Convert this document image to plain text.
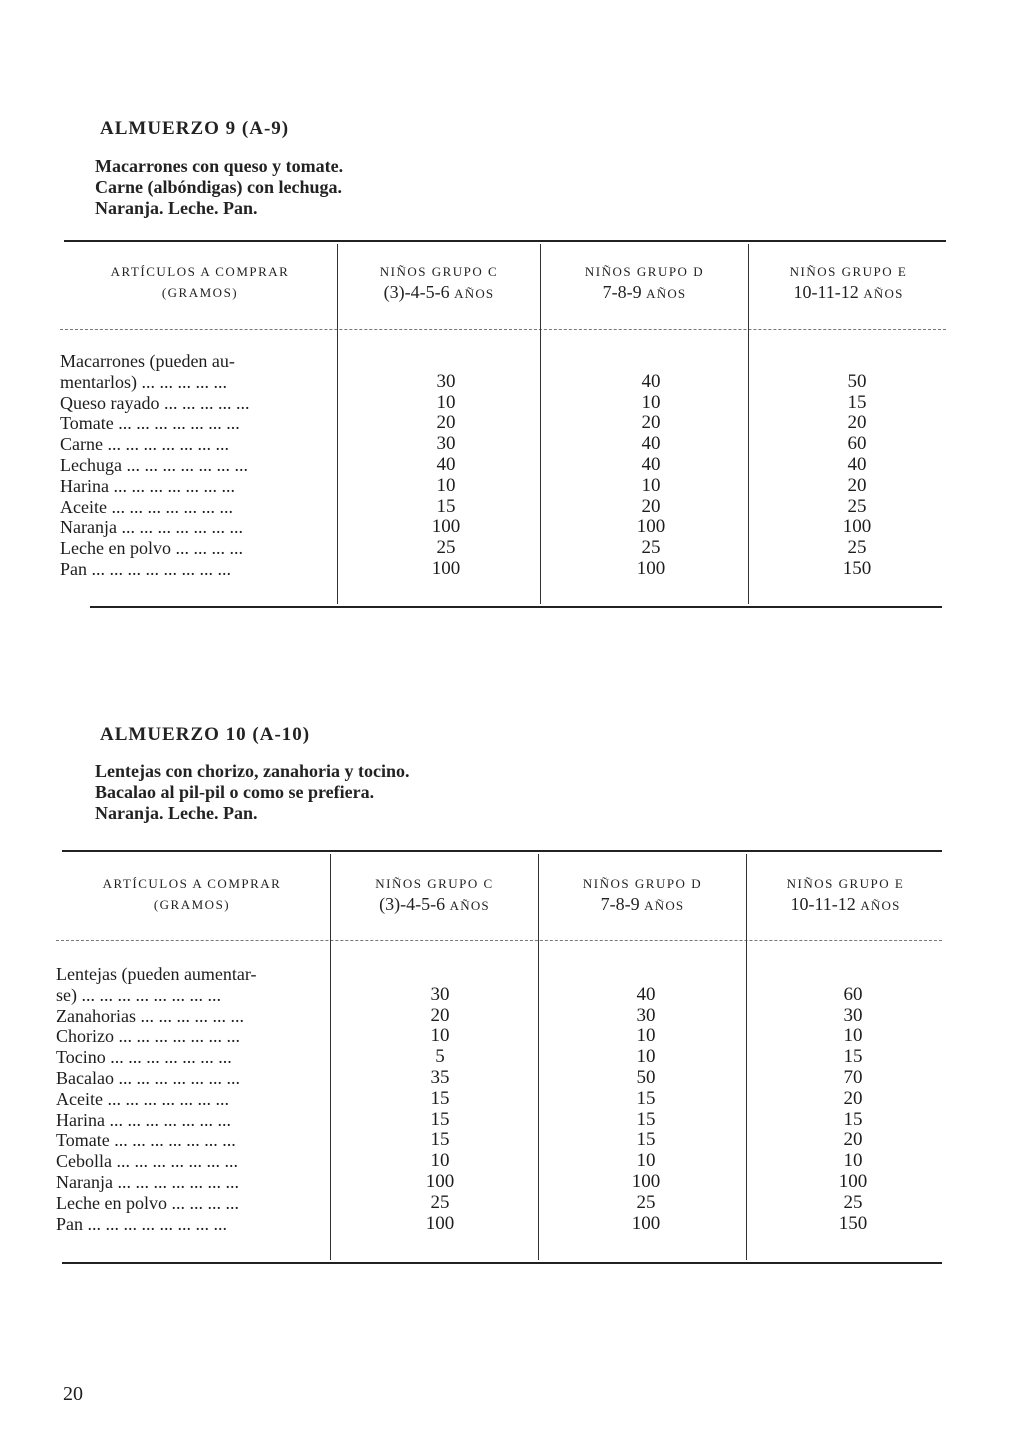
ALMUERZO 9 (A-9)
Macarrones con queso y tomate.
Carne (albóndigas) con lechuga.
Naranja. Leche. Pan.
ARTÍCULOS A COMPRAR
(GRAMOS)
NIÑOS GRUPO C
(3)-4-5-6 AÑOS
NIÑOS GRUPO D
7-8-9 AÑOS
NIÑOS GRUPO E
10-11-12 AÑOS
Macarrones (pueden au-
mentarlos) ... ... ... ... ...
Queso rayado ... ... ... ... ...
Tomate ... ... ... ... ... ... ...
Carne ... ... ... ... ... ... ...
Lechuga ... ... ... ... ... ... ...
Harina ... ... ... ... ... ... ...
Aceite ... ... ... ... ... ... ...
Naranja ... ... ... ... ... ... ...
Leche en polvo ... ... ... ...
Pan ... ... ... ... ... ... ... ...
30
10
20
30
40
10
15
100
25
100
40
10
20
40
40
10
20
100
25
100
50
15
20
60
40
20
25
100
25
150
ALMUERZO 10 (A-10)
Lentejas con chorizo, zanahoria y tocino.
Bacalao al pil-pil o como se prefiera.
Naranja. Leche. Pan.
ARTÍCULOS A COMPRAR
(GRAMOS)
NIÑOS GRUPO C
(3)-4-5-6 AÑOS
NIÑOS GRUPO D
7-8-9 AÑOS
NIÑOS GRUPO E
10-11-12 AÑOS
Lentejas (pueden aumentar-
se) ... ... ... ... ... ... ... ...
Zanahorias ... ... ... ... ... ...
Chorizo ... ... ... ... ... ... ...
Tocino ... ... ... ... ... ... ...
Bacalao ... ... ... ... ... ... ...
Aceite ... ... ... ... ... ... ...
Harina ... ... ... ... ... ... ...
Tomate ... ... ... ... ... ... ...
Cebolla ... ... ... ... ... ... ...
Naranja ... ... ... ... ... ... ...
Leche en polvo ... ... ... ...
Pan ... ... ... ... ... ... ... ...
30
20
10
5
35
15
15
15
10
100
25
100
40
30
10
10
50
15
15
15
10
100
25
100
60
30
10
15
70
20
15
20
10
100
25
150
20
